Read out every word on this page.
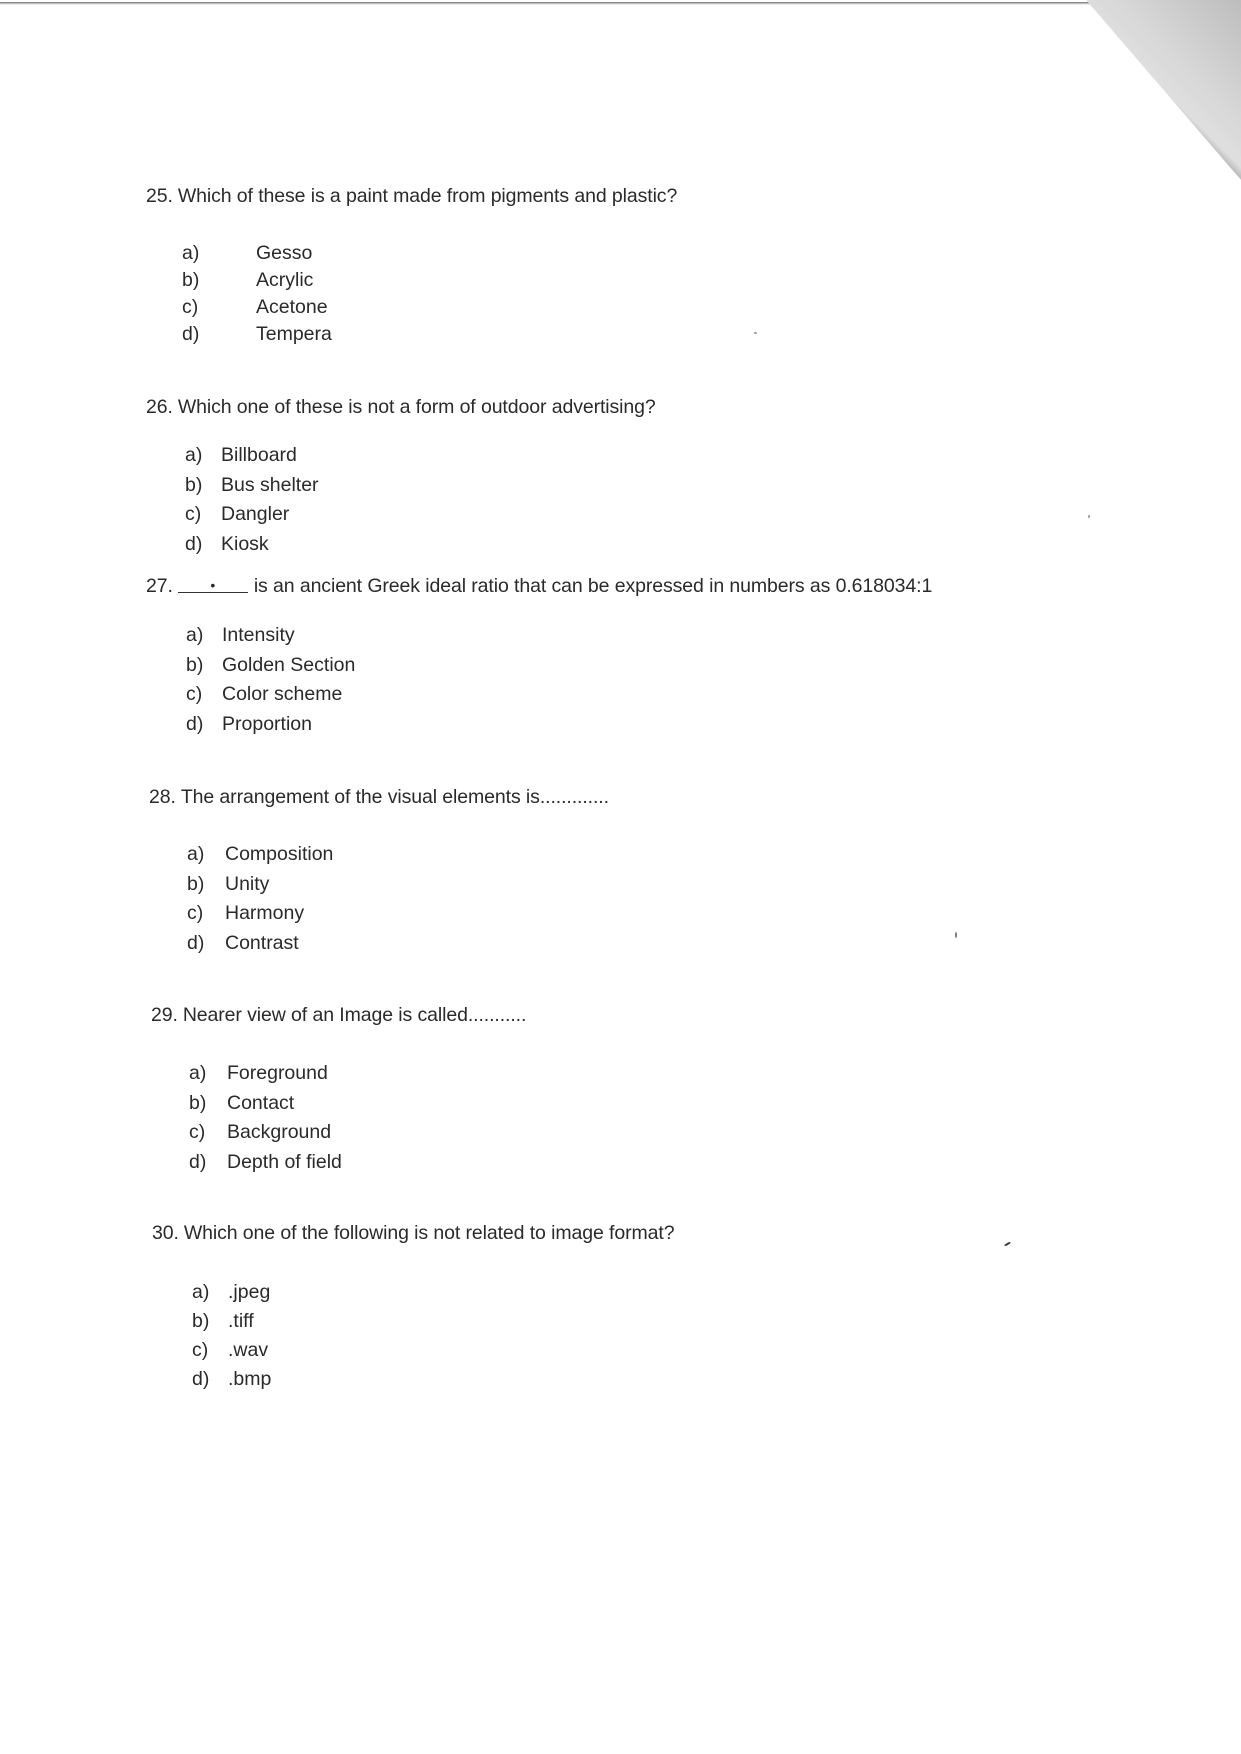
25. Which of these is a paint made from pigments and plastic?
a)	Gesso
b)	Acrylic
c)	Acetone
d)	Tempera
26. Which one of these is not a form of outdoor advertising?
a) Billboard
b) Bus shelter
c)	Dangler
d) Kiosk
27.	• is an ancient Greek ideal ratio that can be expressed in numbers as 0.618034:1
a) Intensity
b) Golden Section
c)	Color scheme
d) Proportion
28. The arrangement of the visual elements is.............
a)	Composition
b)	Unity
c)	Harmony
d)	Contrast
29. Nearer view of an Image is called...........
a)	Foreground
b)	Contact
c)	Background
d)	Depth of field
30. Which one of the following is not related to image format?
a) .jpeg
b) .tiff
c)	.wav
d) .bmp
